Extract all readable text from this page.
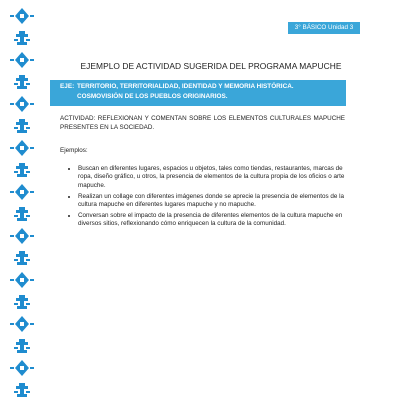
3° BÁSICO Unidad 3
EJEMPLO DE ACTIVIDAD SUGERIDA DEL PROGRAMA MAPUCHE
EJE: TERRITORIO, TERRITORIALIDAD, IDENTIDAD Y MEMORIA HISTÓRICA.
COSMOVISIÓN DE LOS PUEBLOS ORIGINARIOS.

ACTIVIDAD: REFLEXIONAN Y COMENTAN SOBRE LOS ELEMENTOS CULTURALES MAPUCHE PRESENTES EN LA SOCIEDAD.

Ejemplos:
• Buscan en diferentes lugares, espacios u objetos, tales como tiendas, restaurantes, marcas de ropa, diseño gráfico, u otros, la presencia de elementos de la cultura propia de los oficios o arte mapuche.
• Realizan un collage con diferentes imágenes donde se aprecie la presencia de elementos de la cultura mapuche en diferentes lugares mapuche y no mapuche.
• Conversan sobre el impacto de la presencia de diferentes elementos de la cultura mapuche en diversos sitios, reflexionando cómo enriquecen la cultura de la comunidad.
